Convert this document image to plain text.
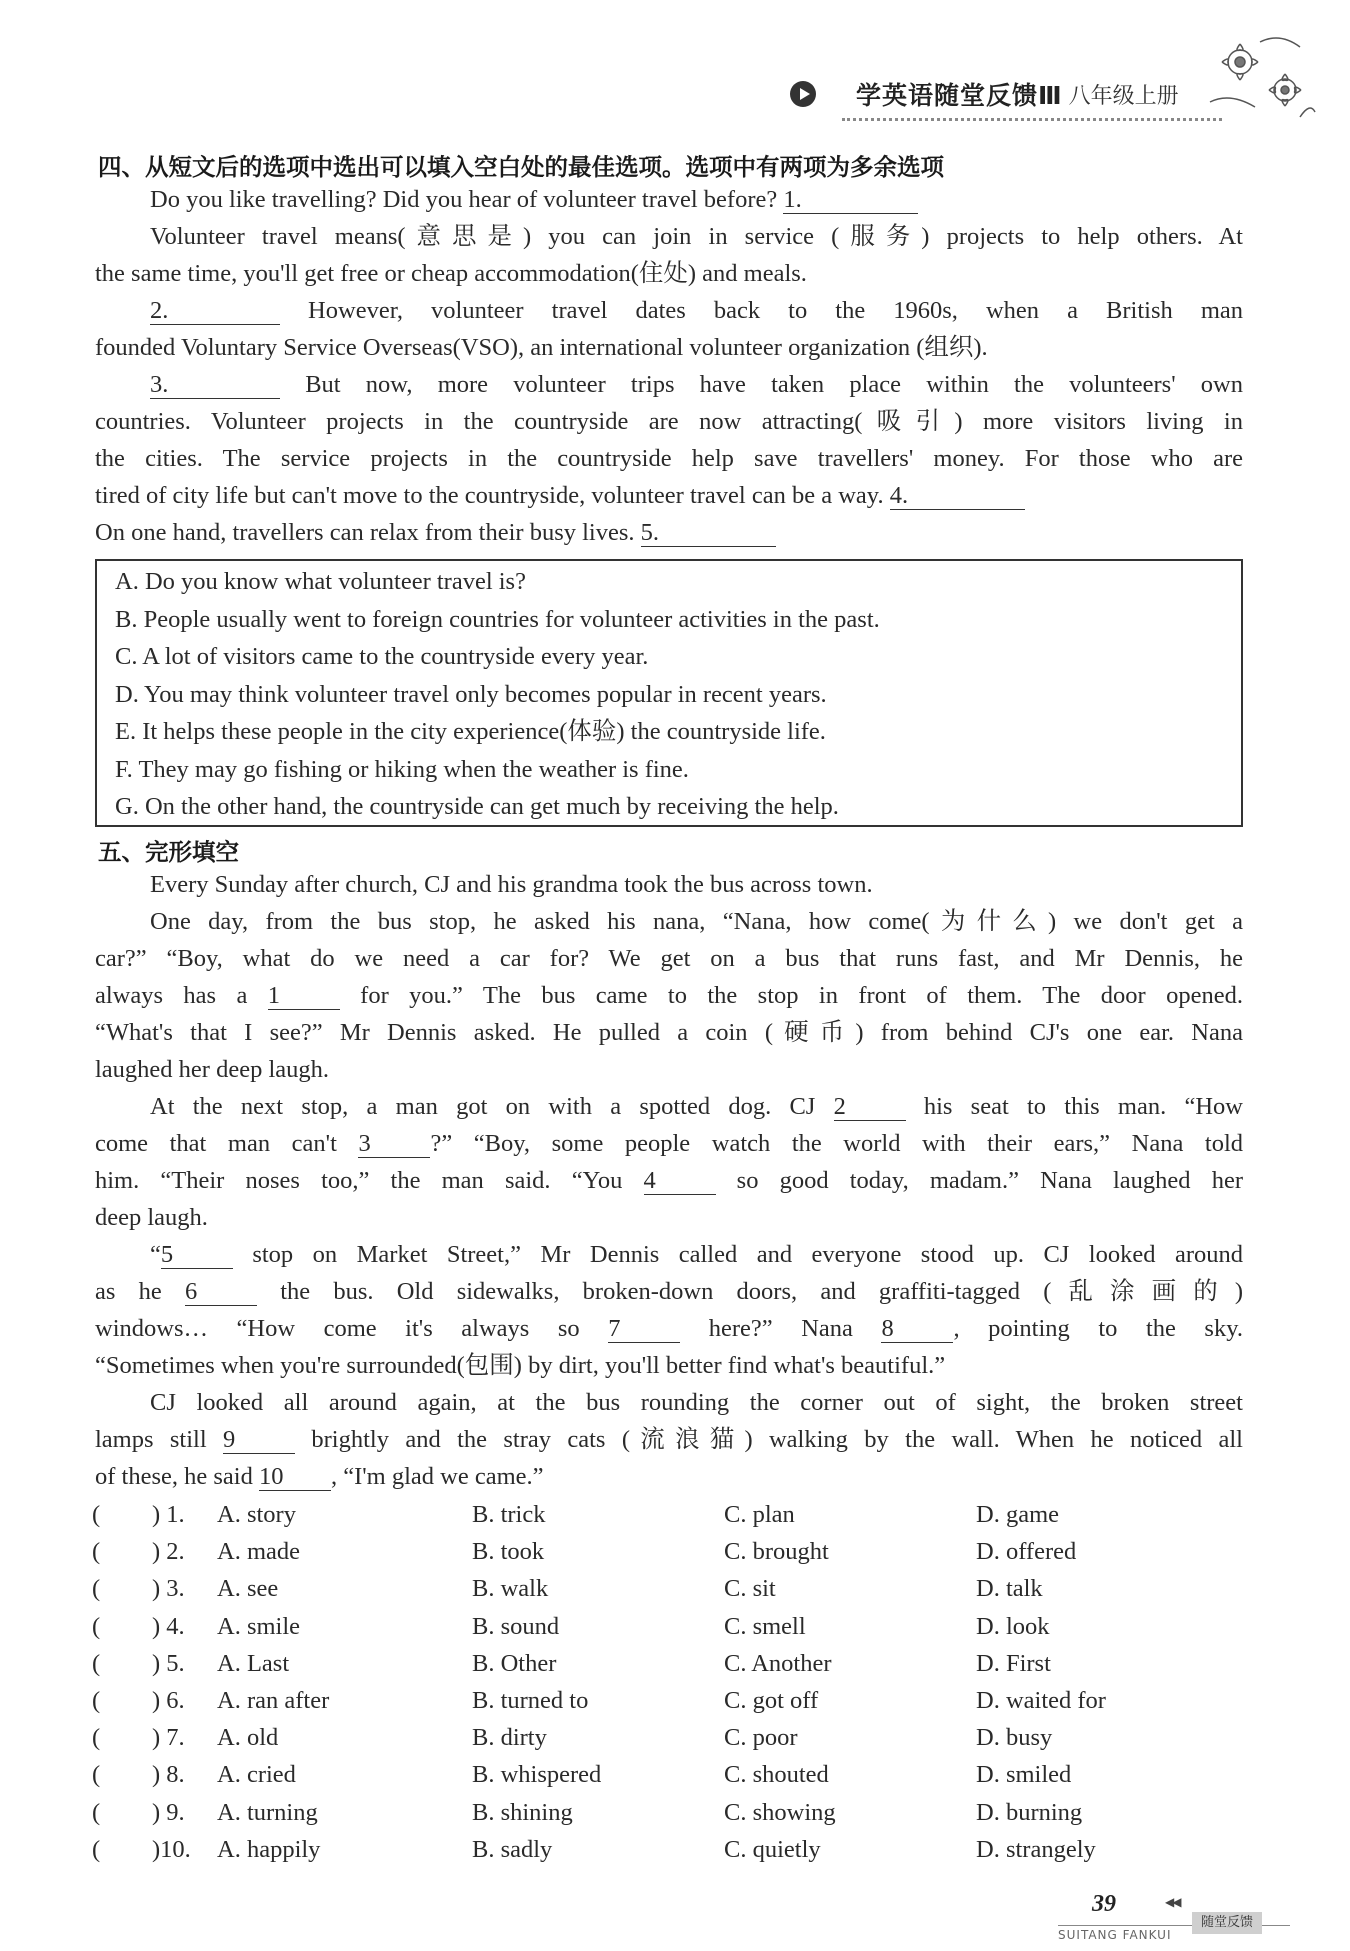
学英语随堂反馈Ⅲ 八年级上册
四、从短文后的选项中选出可以填入空白处的最佳选项。选项中有两项为多余选项
Do you like travelling? Did you hear of volunteer travel before? 1.
Volunteer travel means(意思是) you can join in service (服务) projects to help others. At
the same time, you'll get free or cheap accommodation(住处) and meals.
2.	However, volunteer travel dates back to the 1960s, when a British man
founded Voluntary Service Overseas(VSO), an international volunteer organization (组织).
3.	But now, more volunteer trips have taken place within the volunteers' own
countries. Volunteer projects in the countryside are now attracting(吸引) more visitors living in
the cities. The service projects in the countryside help save travellers' money. For those who are
tired of city life but can't move to the countryside, volunteer travel can be a way. 4.
On one hand, travellers can relax from their busy lives. 5.
A. Do you know what volunteer travel is?
B. People usually went to foreign countries for volunteer activities in the past.
C. A lot of visitors came to the countryside every year.
D. You may think volunteer travel only becomes popular in recent years.
E. It helps these people in the city experience(体验) the countryside life.
F. They may go fishing or hiking when the weather is fine.
G. On the other hand, the countryside can get much by receiving the help.
五、完形填空
Every Sunday after church, CJ and his grandma took the bus across town.
One day, from the bus stop, he asked his nana, “Nana, how come(为什么) we don't get a
car?” “Boy, what do we need a car for? We get on a bus that runs fast, and Mr Dennis, he
always has a 1 for you.” The bus came to the stop in front of them. The door opened.
“What's that I see?” Mr Dennis asked. He pulled a coin (硬币) from behind CJ's one ear. Nana
laughed her deep laugh.
At the next stop, a man got on with a spotted dog. CJ 2 his seat to this man. “How
come that man can't 3 ?” “Boy, some people watch the world with their ears,” Nana told
him. “Their noses too,” the man said. “You 4 so good today, madam.” Nana laughed her
deep laugh.
“5 stop on Market Street,” Mr Dennis called and everyone stood up. CJ looked around
as he 6 the bus. Old sidewalks, broken-down doors, and graffiti-tagged (乱涂画的)
windows… “How come it's always so 7 here?” Nana 8 , pointing to the sky.
“Sometimes when you're surrounded(包围) by dirt, you'll better find what's beautiful.”
CJ looked all around again, at the bus rounding the corner out of sight, the broken street
lamps still 9 brightly and the stray cats (流浪猫) walking by the wall. When he noticed all
of these, he said 10 , “I'm glad we came.”
( ) 1. A. story	B. trick	C. plan	D. game
( ) 2. A. made	B. took	C. brought	D. offered
( ) 3. A. see	B. walk	C. sit	D. talk
( ) 4. A. smile	B. sound	C. smell	D. look
( ) 5. A. Last	B. Other	C. Another	D. First
( ) 6. A. ran after	B. turned to	C. got off	D. waited for
( ) 7. A. old	B. dirty	C. poor	D. busy
( ) 8. A. cried	B. whispered	C. shouted	D. smiled
( ) 9. A. turning	B. shining	C. showing	D. burning
( )10. A. happily	B. sadly	C. quietly	D. strangely
39	◀◀
SUITANG FANKUI
随堂反馈
